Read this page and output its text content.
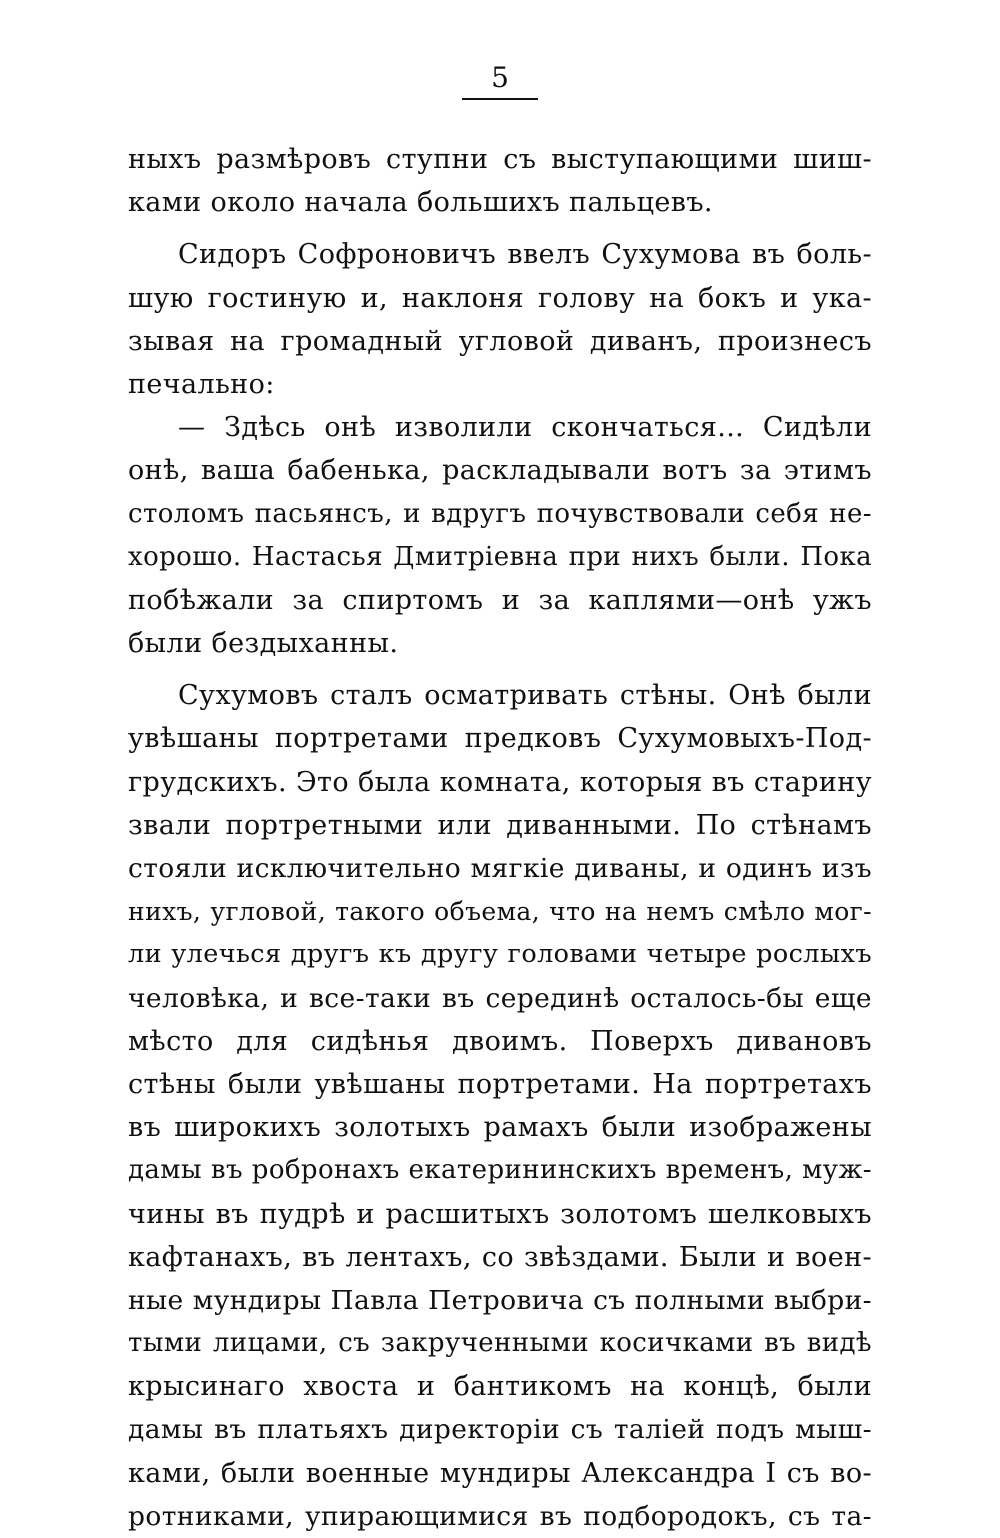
5
ныхъ размѣровъ ступни съ выступающими шиш-
ками около начала большихъ пальцевъ.
Сидоръ Софроновичъ ввелъ Сухумова въ боль-
шую гостиную и, наклоня голову на бокъ и ука-
зывая на громадный угловой диванъ, произнесъ
печально:
— Здѣсь онѣ изволили скончаться... Сидѣли
онѣ, ваша бабенька, раскладывали вотъ за этимъ
столомъ пасьянсъ, и вдругъ почувствовали себя не-
хорошо. Настасья Дмитріевна при нихъ были. Пока
побѣжали за спиртомъ и за каплями—онѣ ужъ
были бездыханны.
Сухумовъ сталъ осматривать стѣны. Онѣ были
увѣшаны портретами предковъ Сухумовыхъ-Под-
грудскихъ. Это была комната, которыя въ старину
звали портретными или диванными. По стѣнамъ
стояли исключительно мягкіе диваны, и одинъ изъ
нихъ, угловой, такого объема, что на немъ смѣло мог-
ли улечься другъ къ другу головами четыре рослыхъ
человѣка, и все-таки въ серединѣ осталось-бы еще
мѣсто для сидѣнья двоимъ. Поверхъ дивановъ
стѣны были увѣшаны портретами. На портретахъ
въ широкихъ золотыхъ рамахъ были изображены
дамы въ робронахъ екатерининскихъ временъ, муж-
чины въ пудрѣ и расшитыхъ золотомъ шелковыхъ
кафтанахъ, въ лентахъ, со звѣздами. Были и воен-
ные мундиры Павла Петровича съ полными выбри-
тыми лицами, съ закрученными косичками въ видѣ
крысинаго хвоста и бантикомъ на концѣ, были
дамы въ платьяхъ директоріи съ таліей подъ мыш-
ками, были военные мундиры Александра I съ во-
ротниками, упирающимися въ подбородокъ, съ та-
